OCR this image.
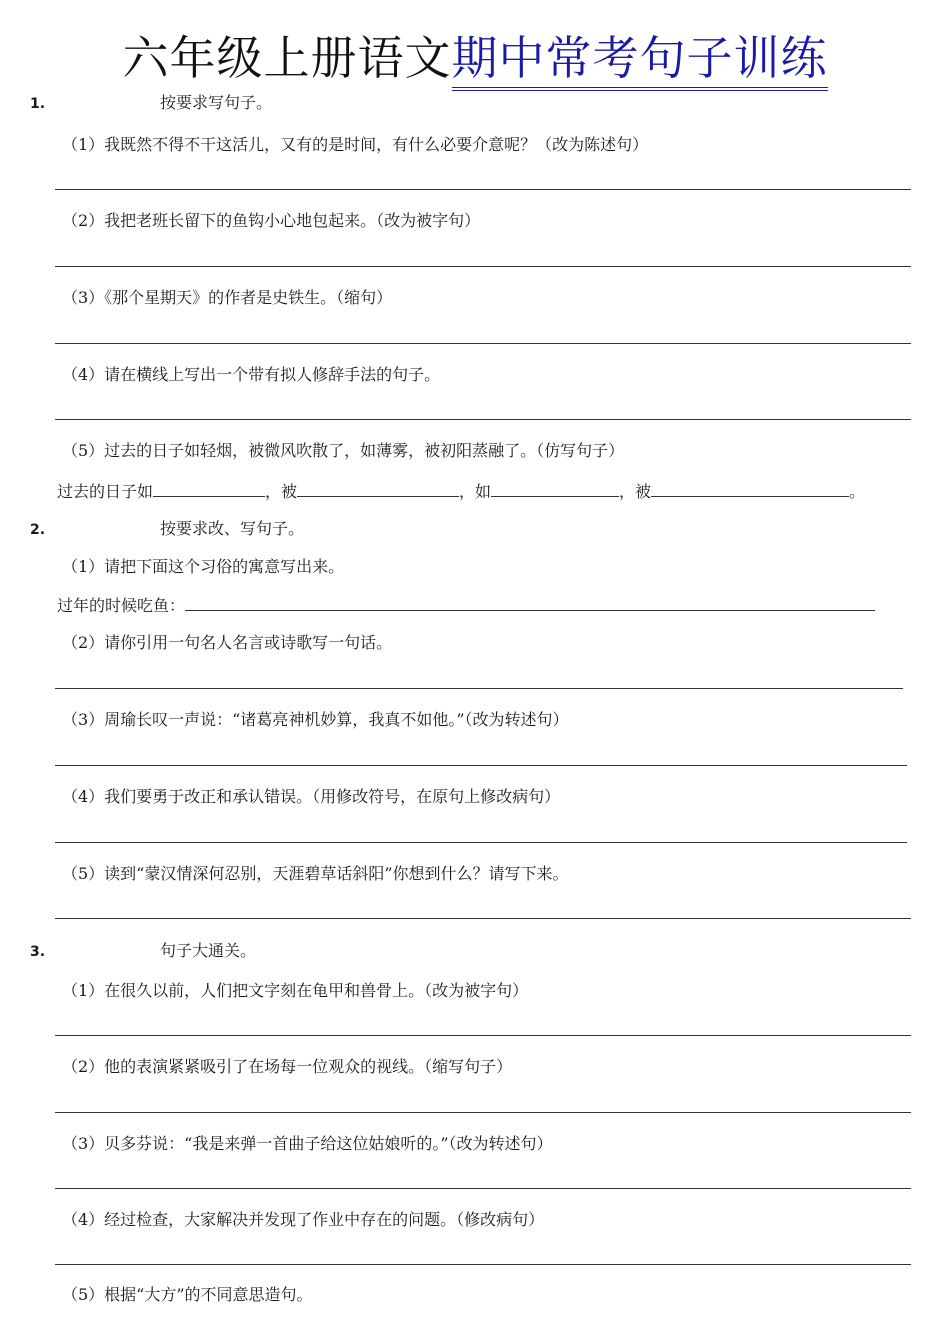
六年级上册语文期中常考句子训练
1.	按要求写句子。
（1）我既然不得不干这活儿，又有的是时间，有什么必要介意呢？（改为陈述句）
（2）我把老班长留下的鱼钩小心地包起来。（改为被字句）
（3）《那个星期天》的作者是史铁生。（缩句）
（4）请在横线上写出一个带有拟人修辞手法的句子。
（5）过去的日子如轻烟，被微风吹散了，如薄雾，被初阳蒸融了。（仿写句子）
过去的日子如	，被	，如	，被	。
2.	按要求改、写句子。
（1）请把下面这个习俗的寓意写出来。
过年的时候吃鱼：
（2）请你引用一句名人名言或诗歌写一句话。
（3）周瑜长叹一声说：“诸葛亮神机妙算，我真不如他。”（改为转述句）
（4）我们要勇于改正和承认错误。（用修改符号，在原句上修改病句）
（5）读到“蒙汉情深何忍别，天涯碧草话斜阳”你想到什么？请写下来。
3.	句子大通关。
（1）在很久以前，人们把文字刻在龟甲和兽骨上。（改为被字句）
（2）他的表演紧紧吸引了在场每一位观众的视线。（缩写句子）
（3）贝多芬说：“我是来弹一首曲子给这位姑娘听的。”（改为转述句）
（4）经过检查，大家解决并发现了作业中存在的问题。（修改病句）
（5）根据“大方”的不同意思造句。
